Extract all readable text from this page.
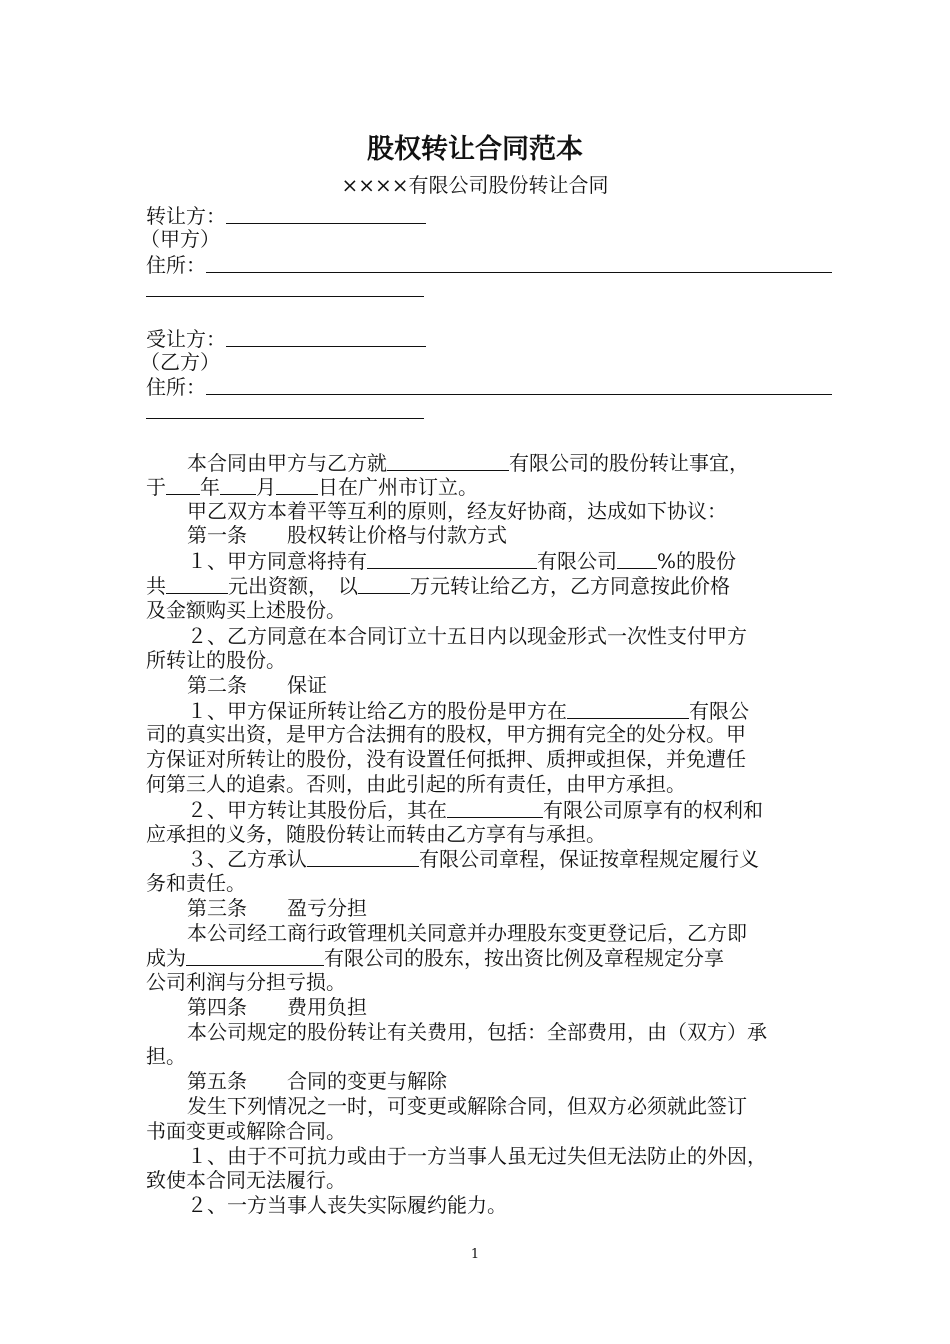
股权转让合同范本
××××有限公司股份转让合同
转让方：
（甲方）
住所：
受让方：
（乙方）
住所：
本合同由甲方与乙方就	有限公司的股份转让事宜，
于 年 月 日在广州市订立。
甲乙双方本着平等互利的原则，经友好协商，达成如下协议：
第一条　　股权转让价格与付款方式
１、甲方同意将持有	有限公司 %的股份
共	元出资额，　以	万元转让给乙方，乙方同意按此价格
及金额购买上述股份。
２、乙方同意在本合同订立十五日内以现金形式一次性支付甲方
所转让的股份。
第二条　　保证
１、甲方保证所转让给乙方的股份是甲方在	有限公
司的真实出资，是甲方合法拥有的股权，甲方拥有完全的处分权。甲
方保证对所转让的股份，没有设置任何抵押、质押或担保，并免遭任
何第三人的追索。否则，由此引起的所有责任，由甲方承担。
２、甲方转让其股份后，其在	有限公司原享有的权利和
应承担的义务，随股份转让而转由乙方享有与承担。
３、乙方承认	有限公司章程，保证按章程规定履行义
务和责任。
第三条　　盈亏分担
本公司经工商行政管理机关同意并办理股东变更登记后，乙方即
成为	有限公司的股东，按出资比例及章程规定分享
公司利润与分担亏损。
第四条　　费用负担
本公司规定的股份转让有关费用，包括：全部费用，由（双方）承
担。
第五条　　合同的变更与解除
发生下列情况之一时，可变更或解除合同，但双方必须就此签订
书面变更或解除合同。
１、由于不可抗力或由于一方当事人虽无过失但无法防止的外因，
致使本合同无法履行。
２、一方当事人丧失实际履约能力。
1
